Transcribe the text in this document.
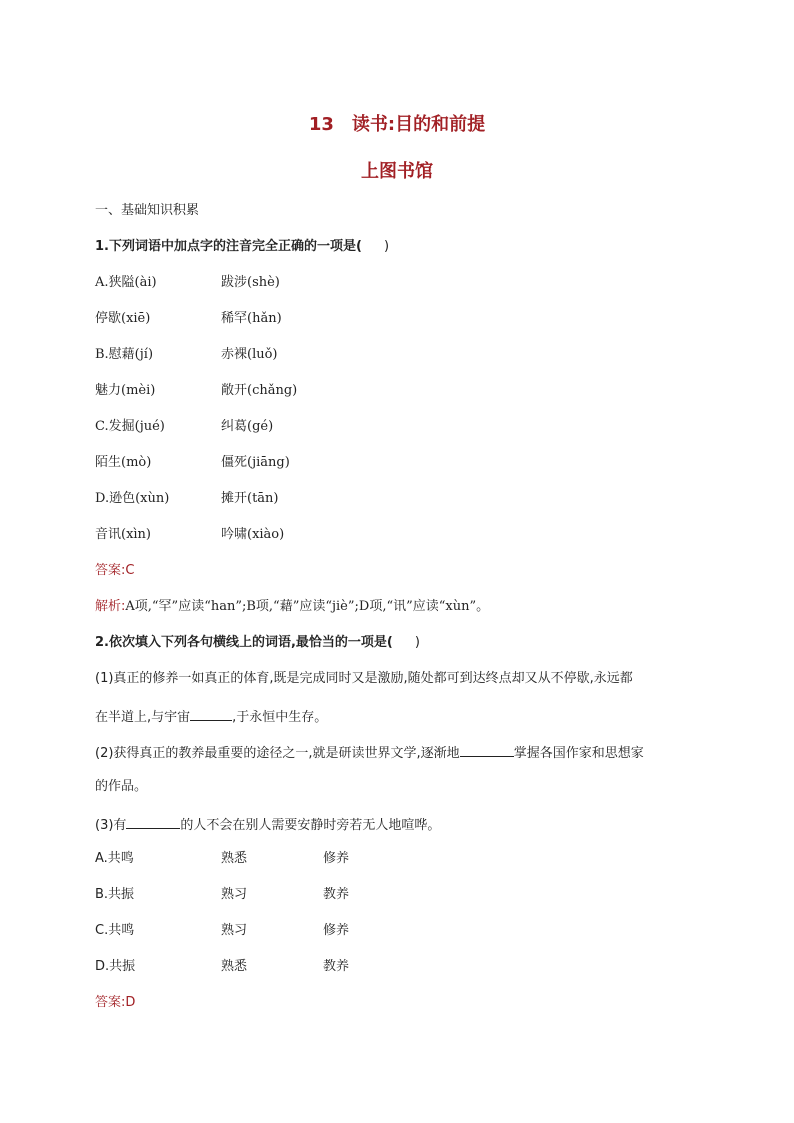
13　读书:目的和前提
上图书馆
一、基础知识积累
1.下列词语中加点字的注音完全正确的一项是( )
A.狭隘(ài)	跋涉(shè)
停歇(xiē)	稀罕(hǎn)
B.慰藉(jí)	赤裸(luǒ)
魅力(mèi)	敞开(chǎng)
C.发掘(jué)	纠葛(gé)
陌生(mò)	僵死(jiāng)
D.逊色(xùn)	摊开(tān)
音讯(xìn)	吟啸(xiào)
答案:C
解析:A项,“罕”应读“han”;B项,“藉”应读“jiè”;D项,“讯”应读“xùn”。
2.依次填入下列各句横线上的词语,最恰当的一项是( )
(1)真正的修养一如真正的体育,既是完成同时又是激励,随处都可到达终点却又从不停歇,永远都
在半道上,与宇宙	,于永恒中生存。
(2)获得真正的教养最重要的途径之一,就是研读世界文学,逐渐地	掌握各国作家和思想家
的作品。
(3)有	的人不会在别人需要安静时旁若无人地喧哗。
A.共鸣	熟悉	修养
B.共振	熟习	教养
C.共鸣	熟习	修养
D.共振	熟悉	教养
答案:D
